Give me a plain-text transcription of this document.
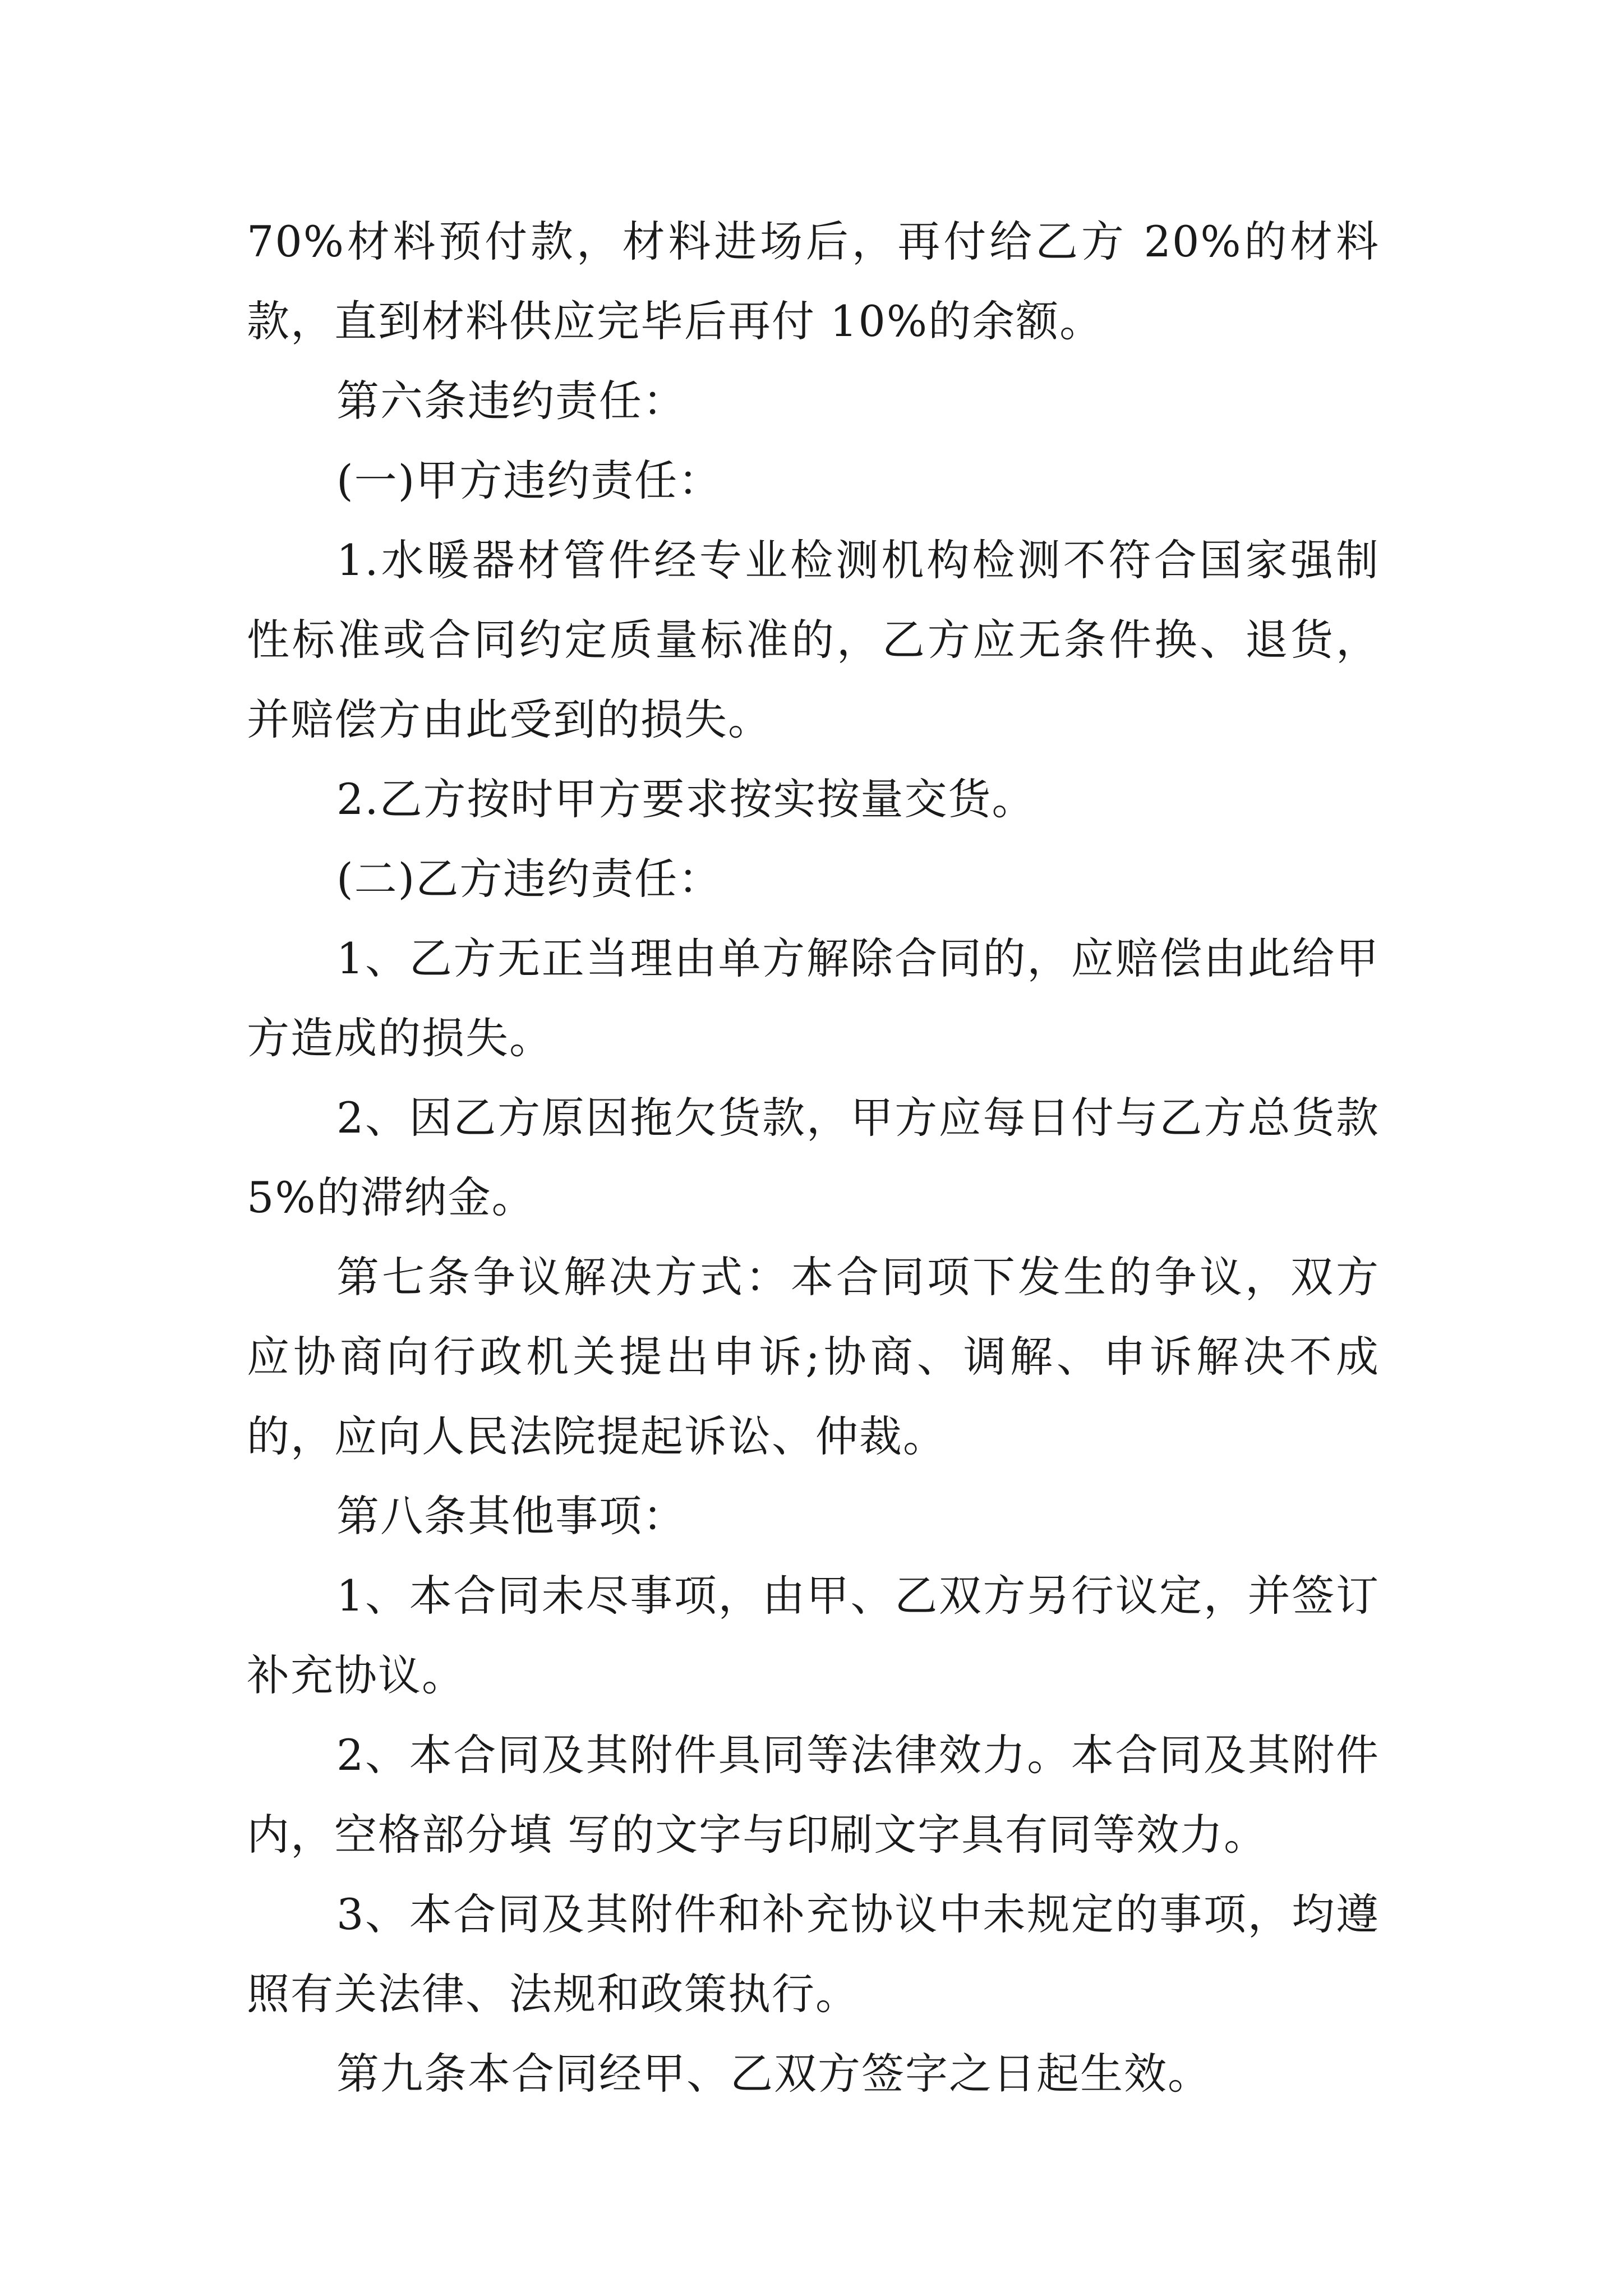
70%材料预付款，材料进场后，再付给乙方 20%的材料款，直到材料供应完毕后再付 10%的余额。

第六条违约责任：

(一)甲方违约责任：

1.水暖器材管件经专业检测机构检测不符合国家强制性标准或合同约定质量标准的，乙方应无条件换、退货，并赔偿方由此受到的损失。

2.乙方按时甲方要求按实按量交货。

(二)乙方违约责任：

1、乙方无正当理由单方解除合同的，应赔偿由此给甲方造成的损失。

2、因乙方原因拖欠货款，甲方应每日付与乙方总货款 5%的滞纳金。

第七条争议解决方式：本合同项下发生的争议，双方应协商向行政机关提出申诉;协商、调解、申诉解决不成的，应向人民法院提起诉讼、仲裁。

第八条其他事项：

1、本合同未尽事项，由甲、乙双方另行议定，并签订补充协议。

2、本合同及其附件具同等法律效力。本合同及其附件内，空格部分填 写的文字与印刷文字具有同等效力。

3、本合同及其附件和补充协议中未规定的事项，均遵照有关法律、法规和政策执行。

第九条本合同经甲、乙双方签字之日起生效。
